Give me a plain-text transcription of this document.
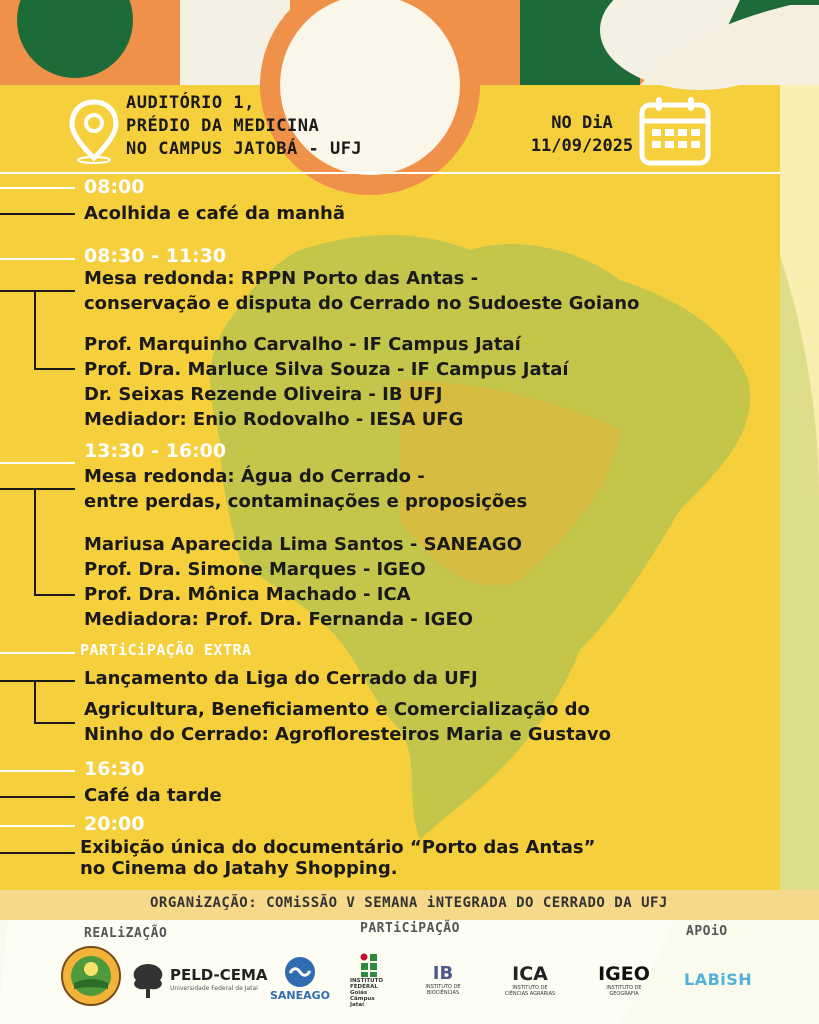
AUDITÓRIO 1,
PRÉDIO DA MEDICINA
NO CAMPUS JATOBÁ - UFJ
NO DiA
11/09/2025
08:00
Acolhida e café da manhã
08:30 - 11:30
Mesa redonda: RPPN Porto das Antas -
conservação e disputa do Cerrado no Sudoeste Goiano
Prof. Marquinho Carvalho - IF Campus Jataí
Prof. Dra. Marluce Silva Souza - IF Campus Jataí
Dr. Seixas Rezende Oliveira - IB UFJ
Mediador: Enio Rodovalho - IESA UFG
13:30 - 16:00
Mesa redonda: Água do Cerrado -
entre perdas, contaminações e proposições
Mariusa Aparecida Lima Santos - SANEAGO
Prof. Dra. Simone Marques - IGEO
Prof. Dra. Mônica Machado - ICA
Mediadora: Prof. Dra. Fernanda - IGEO
PARTiCiPAÇÃO EXTRA
Lançamento da Liga do Cerrado da UFJ
Agricultura, Beneficiamento e Comercialização do
Ninho do Cerrado: Agrofloresteiros Maria e Gustavo
16:30
Café da tarde
20:00
Exibição única do documentário “Porto das Antas”
no Cinema do Jatahy Shopping.
ORGANiZAÇÃO: COMiSSÃO V SEMANA iNTEGRADA DO CERRADO DA UFJ
REALiZAÇÃO	PARTiCiPAÇÃO	APOiO
PELD-CEMA
Universidade Federal de Jataí
SANEAGO
INSTITUTO
FEDERAL
Goiás
Câmpus
Jataí
IB
INSTITUTO DE
BIOCIÊNCIAS
ICA
INSTITUTO DE
CIÊNCIAS AGRÁRIAS
IGEO
INSTITUTO DE
GEOGRAFIA
LABiSH
